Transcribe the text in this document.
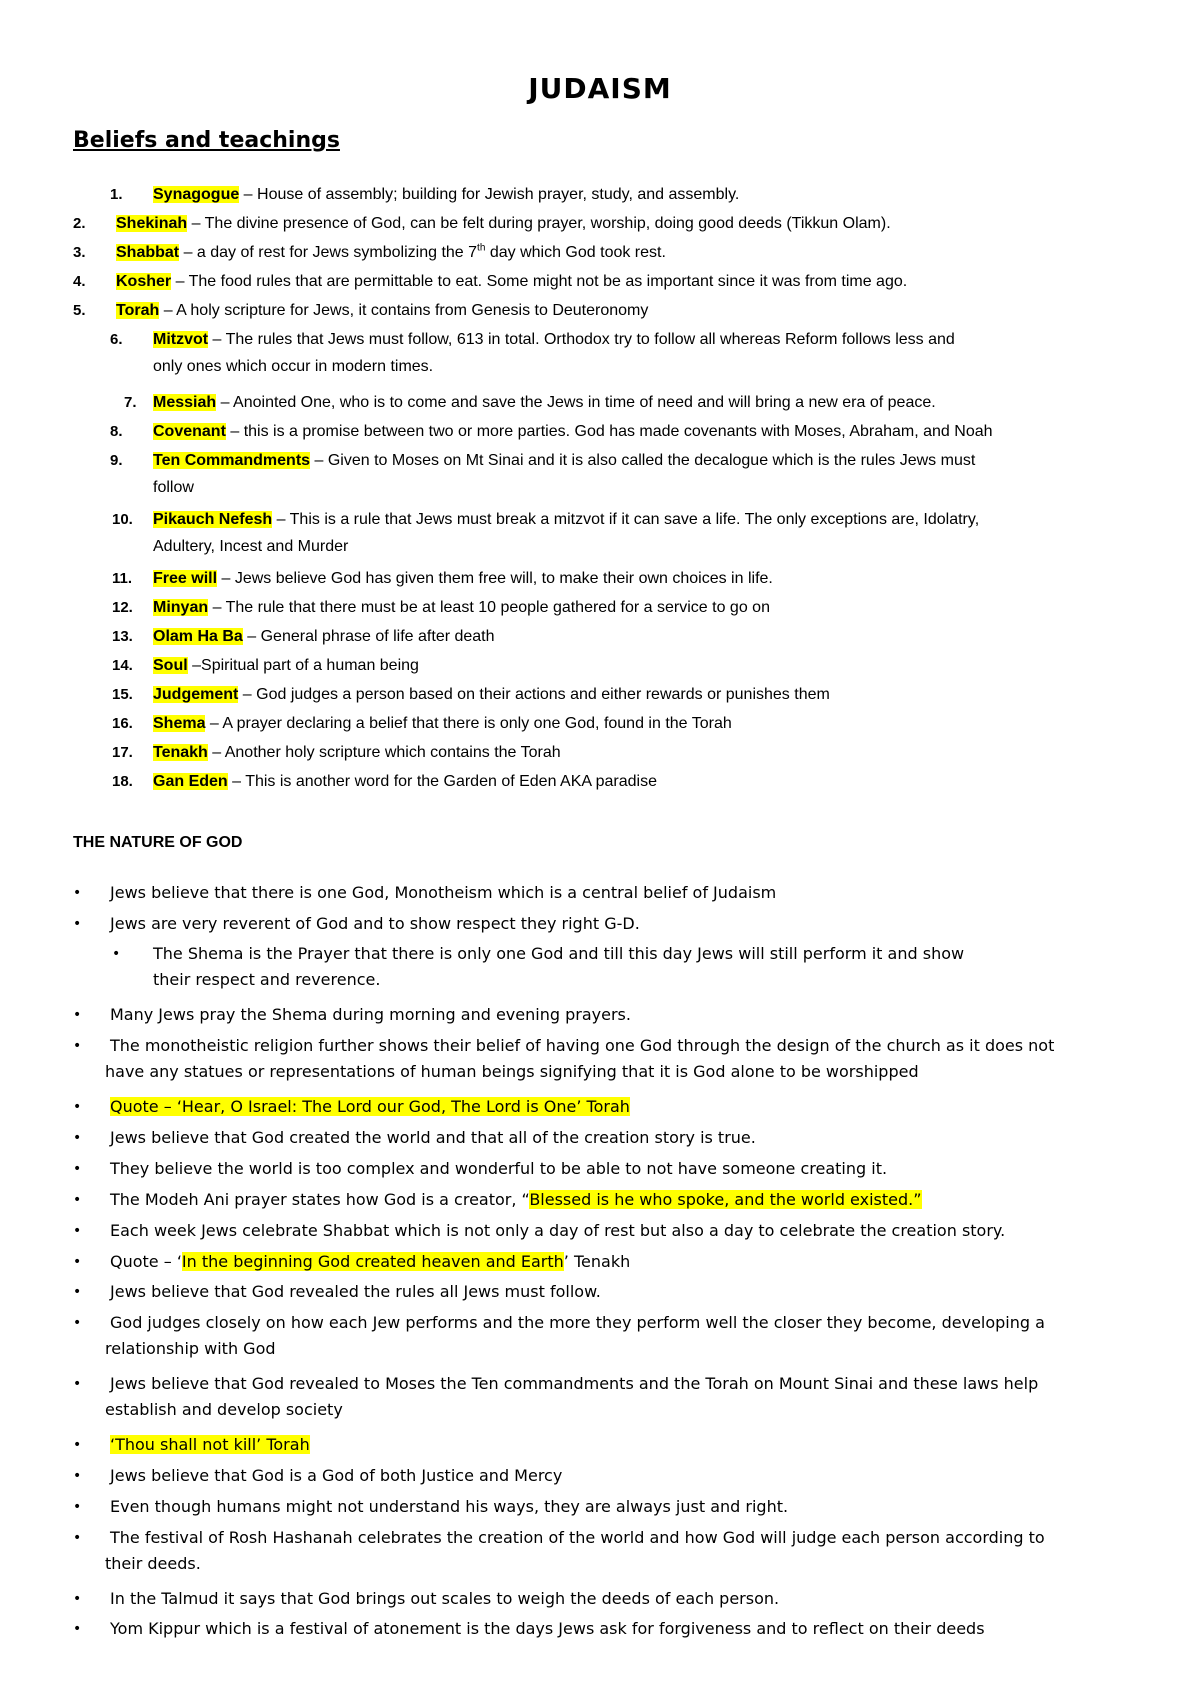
JUDAISM
Beliefs and teachings
1. Synagogue – House of assembly; building for Jewish prayer, study, and assembly.
2. Shekinah – The divine presence of God, can be felt during prayer, worship, doing good deeds (Tikkun Olam).
3. Shabbat – a day of rest for Jews symbolizing the 7th day which God took rest.
4. Kosher – The food rules that are permittable to eat. Some might not be as important since it was from time ago.
5. Torah – A holy scripture for Jews, it contains from Genesis to Deuteronomy
6. Mitzvot – The rules that Jews must follow, 613 in total. Orthodox try to follow all whereas Reform follows less and
only ones which occur in modern times.
7. Messiah – Anointed One, who is to come and save the Jews in time of need and will bring a new era of peace.
8. Covenant – this is a promise between two or more parties. God has made covenants with Moses, Abraham, and Noah
9. Ten Commandments – Given to Moses on Mt Sinai and it is also called the decalogue which is the rules Jews must
follow
10. Pikauch Nefesh – This is a rule that Jews must break a mitzvot if it can save a life. The only exceptions are, Idolatry,
Adultery, Incest and Murder
11. Free will – Jews believe God has given them free will, to make their own choices in life.
12. Minyan – The rule that there must be at least 10 people gathered for a service to go on
13. Olam Ha Ba – General phrase of life after death
14. Soul –Spiritual part of a human being
15. Judgement – God judges a person based on their actions and either rewards or punishes them
16. Shema – A prayer declaring a belief that there is only one God, found in the Torah
17. Tenakh – Another holy scripture which contains the Torah
18. Gan Eden – This is another word for the Garden of Eden AKA paradise
THE NATURE OF GOD
• Jews believe that there is one God, Monotheism which is a central belief of Judaism
• Jews are very reverent of God and to show respect they right G-D.
• The Shema is the Prayer that there is only one God and till this day Jews will still perform it and show
their respect and reverence.
• Many Jews pray the Shema during morning and evening prayers.
• The monotheistic religion further shows their belief of having one God through the design of the church as it does not
have any statues or representations of human beings signifying that it is God alone to be worshipped
• Quote – ‘Hear, O Israel: The Lord our God, The Lord is One’ Torah
• Jews believe that God created the world and that all of the creation story is true.
• They believe the world is too complex and wonderful to be able to not have someone creating it.
• The Modeh Ani prayer states how God is a creator, “Blessed is he who spoke, and the world existed.”
• Each week Jews celebrate Shabbat which is not only a day of rest but also a day to celebrate the creation story.
• Quote – ‘In the beginning God created heaven and Earth’ Tenakh
• Jews believe that God revealed the rules all Jews must follow.
• God judges closely on how each Jew performs and the more they perform well the closer they become, developing a
relationship with God
• Jews believe that God revealed to Moses the Ten commandments and the Torah on Mount Sinai and these laws help
establish and develop society
• ‘Thou shall not kill’ Torah
• Jews believe that God is a God of both Justice and Mercy
• Even though humans might not understand his ways, they are always just and right.
• The festival of Rosh Hashanah celebrates the creation of the world and how God will judge each person according to
their deeds.
• In the Talmud it says that God brings out scales to weigh the deeds of each person.
• Yom Kippur which is a festival of atonement is the days Jews ask for forgiveness and to reflect on their deeds
